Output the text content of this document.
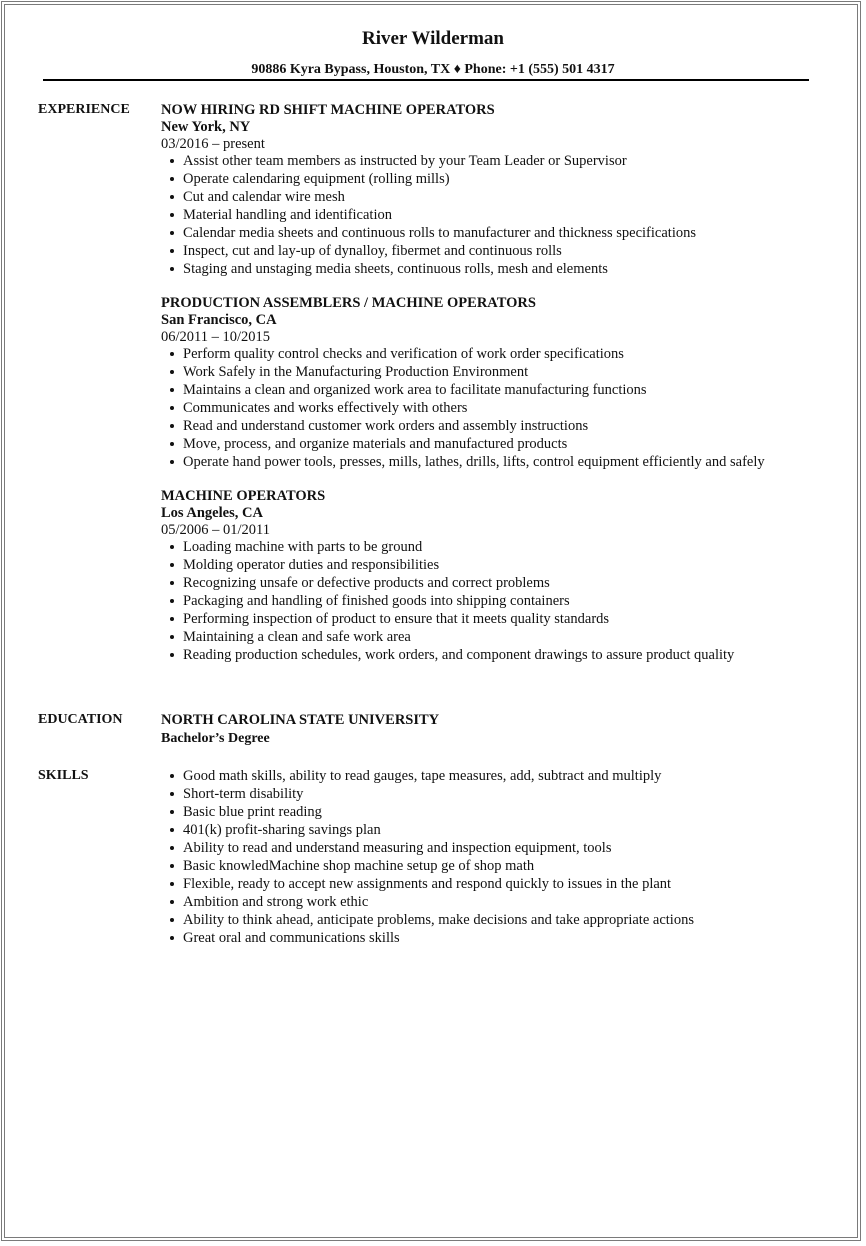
River Wilderman
90886 Kyra Bypass, Houston, TX ♦ Phone: +1 (555) 501 4317
EXPERIENCE NOW HIRING RD SHIFT MACHINE OPERATORS
New York, NY
03/2016 – present
Assist other team members as instructed by your Team Leader or Supervisor
Operate calendaring equipment (rolling mills)
Cut and calendar wire mesh
Material handling and identification
Calendar media sheets and continuous rolls to manufacturer and thickness specifications
Inspect, cut and lay-up of dynalloy, fibermet and continuous rolls
Staging and unstaging media sheets, continuous rolls, mesh and elements
PRODUCTION ASSEMBLERS / MACHINE OPERATORS
San Francisco, CA
06/2011 – 10/2015
Perform quality control checks and verification of work order specifications
Work Safely in the Manufacturing Production Environment
Maintains a clean and organized work area to facilitate manufacturing functions
Communicates and works effectively with others
Read and understand customer work orders and assembly instructions
Move, process, and organize materials and manufactured products
Operate hand power tools, presses, mills, lathes, drills, lifts, control equipment efficiently and safely
MACHINE OPERATORS
Los Angeles, CA
05/2006 – 01/2011
Loading machine with parts to be ground
Molding operator duties and responsibilities
Recognizing unsafe or defective products and correct problems
Packaging and handling of finished goods into shipping containers
Performing inspection of product to ensure that it meets quality standards
Maintaining a clean and safe work area
Reading production schedules, work orders, and component drawings to assure product quality
EDUCATION	NORTH CAROLINA STATE UNIVERSITY
Bachelor’s Degree
SKILLS	Good math skills, ability to read gauges, tape measures, add, subtract and multiply
Short-term disability
Basic blue print reading
401(k) profit-sharing savings plan
Ability to read and understand measuring and inspection equipment, tools
Basic knowledMachine shop machine setup ge of shop math
Flexible, ready to accept new assignments and respond quickly to issues in the plant
Ambition and strong work ethic
Ability to think ahead, anticipate problems, make decisions and take appropriate actions
Great oral and communications skills
